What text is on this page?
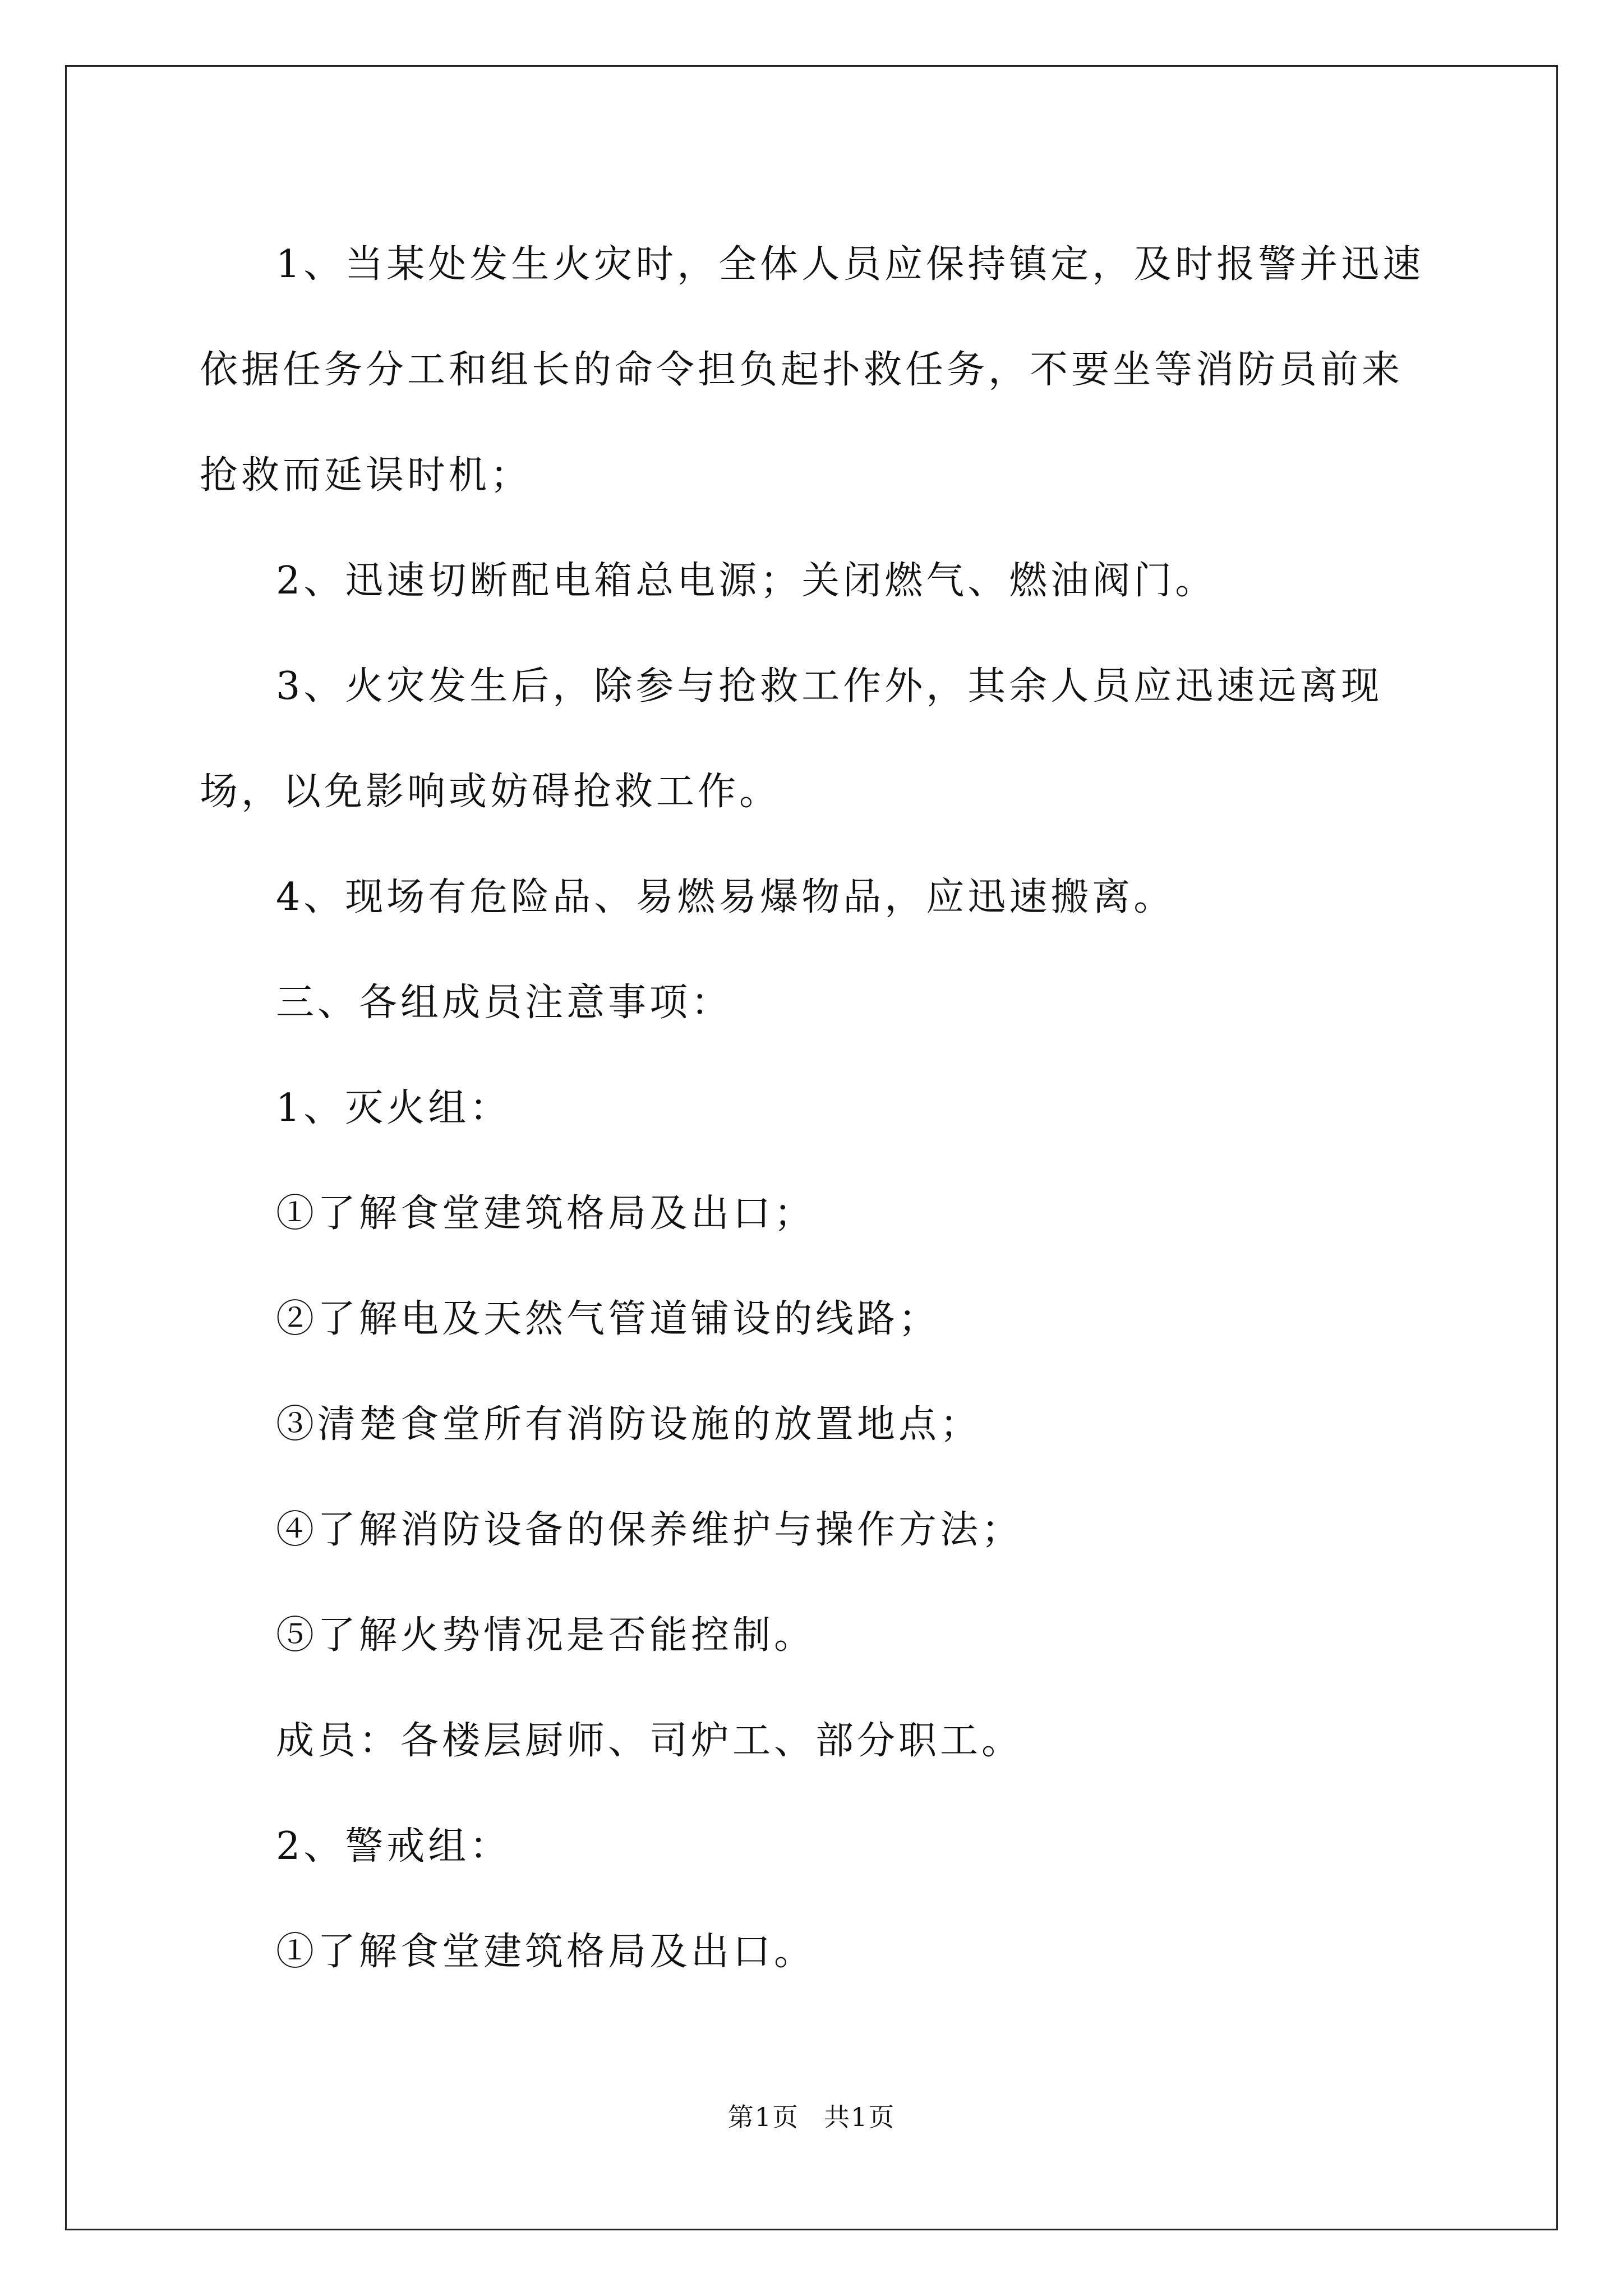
1、当某处发生火灾时，全体人员应保持镇定，及时报警并迅速依据任务分工和组长的命令担负起扑救任务，不要坐等消防员前来抢救而延误时机；

2、迅速切断配电箱总电源；关闭燃气、燃油阀门。

3、火灾发生后，除参与抢救工作外，其余人员应迅速远离现场，以免影响或妨碍抢救工作。

4、现场有危险品、易燃易爆物品，应迅速搬离。

三、各组成员注意事项：

1、灭火组：

①了解食堂建筑格局及出口；

②了解电及天然气管道铺设的线路；

③清楚食堂所有消防设施的放置地点；

④了解消防设备的保养维护与操作方法；

⑤了解火势情况是否能控制。

成员：各楼层厨师、司炉工、部分职工。

2、警戒组：

①了解食堂建筑格局及出口。

第1页 共1页
